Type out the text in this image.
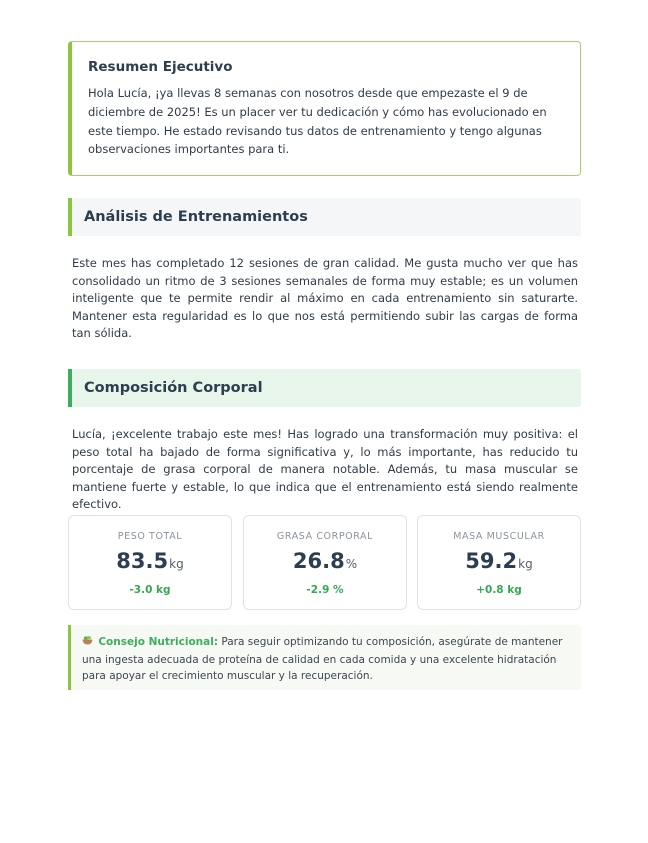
Resumen Ejecutivo

Hola Lucía, ¡ya llevas 8 semanas con nosotros desde que empezaste el 9 de diciembre de 2025! Es un placer ver tu dedicación y cómo has evolucionado en este tiempo. He estado revisando tus datos de entrenamiento y tengo algunas observaciones importantes para ti.

Análisis de Entrenamientos

Este mes has completado 12 sesiones de gran calidad. Me gusta mucho ver que has consolidado un ritmo de 3 sesiones semanales de forma muy estable; es un volumen inteligente que te permite rendir al máximo en cada entrenamiento sin saturarte. Mantener esta regularidad es lo que nos está permitiendo subir las cargas de forma tan sólida.

Composición Corporal

Lucía, ¡excelente trabajo este mes! Has logrado una transformación muy positiva: el peso total ha bajado de forma significativa y, lo más importante, has reducido tu porcentaje de grasa corporal de manera notable. Además, tu masa muscular se mantiene fuerte y estable, lo que indica que el entrenamiento está siendo realmente efectivo.

PESO TOTAL
83.5kg
-3.0 kg
GRASA CORPORAL
26.8%
-2.9 %
MASA MUSCULAR
59.2kg
+0.8 kg
Consejo Nutricional: Para seguir optimizando tu composición, asegúrate de mantener una ingesta adecuada de proteína de calidad en cada comida y una excelente hidratación para apoyar el crecimiento muscular y la recuperación.
